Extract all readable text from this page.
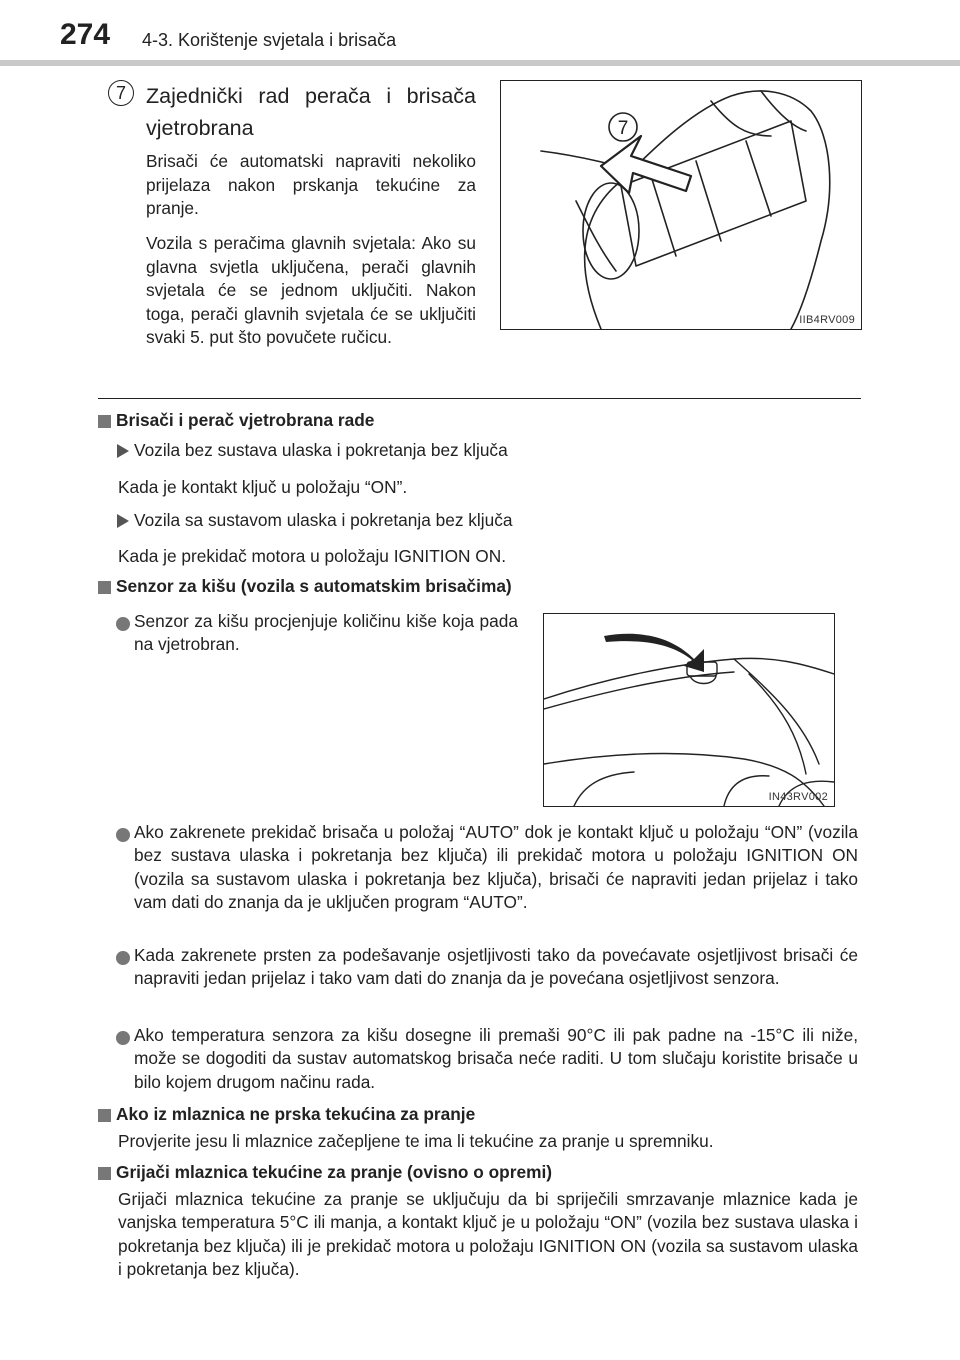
274 4-3. Korištenje svjetala i brisača
7 Zajednički rad perača i brisača vjetrobrana
Brisači će automatski napraviti nekoliko prijelaza nakon prskanja tekućine za pranje.
Vozila s peračima glavnih svjetala: Ako su glavna svjetla uključena, perači glavnih svjetala će se jednom uključiti. Nakon toga, perači glavnih svjetala će se uključiti svaki 5. put što povučete ručicu.
7
IIB4RV009
Brisači i perač vjetrobrana rade
Vozila bez sustava ulaska i pokretanja bez ključa
Kada je kontakt ključ u položaju “ON”.
Vozila sa sustavom ulaska i pokretanja bez ključa
Kada je prekidač motora u položaju IGNITION ON.
Senzor za kišu (vozila s automatskim brisačima)
Senzor za kišu procjenjuje količinu kiše koja pada na vjetrobran.
IN43RV002
Ako zakrenete prekidač brisača u položaj “AUTO” dok je kontakt ključ u položaju “ON” (vozila bez sustava ulaska i pokretanja bez ključa) ili prekidač motora u položaju IGNITION ON (vozila sa sustavom ulaska i pokretanja bez ključa), brisači će napraviti jedan prijelaz i tako vam dati do znanja da je uključen program “AUTO”.
Kada zakrenete prsten za podešavanje osjetljivosti tako da povećavate osjetljivost brisači će napraviti jedan prijelaz i tako vam dati do znanja da je povećana osjetljivost senzora.
Ako temperatura senzora za kišu dosegne ili premaši 90°C ili pak padne na -15°C ili niže, može se dogoditi da sustav automatskog brisača neće raditi. U tom slučaju koristite brisače u bilo kojem drugom načinu rada.
Ako iz mlaznica ne prska tekućina za pranje
Provjerite jesu li mlaznice začepljene te ima li tekućine za pranje u spremniku.
Grijači mlaznica tekućine za pranje (ovisno o opremi)
Grijači mlaznica tekućine za pranje se uključuju da bi spriječili smrzavanje mlaznice kada je vanjska temperatura 5°C ili manja, a kontakt ključ je u položaju “ON” (vozila bez sustava ulaska i pokretanja bez ključa) ili je prekidač motora u položaju IGNITION ON (vozila sa sustavom ulaska i pokretanja bez ključa).
